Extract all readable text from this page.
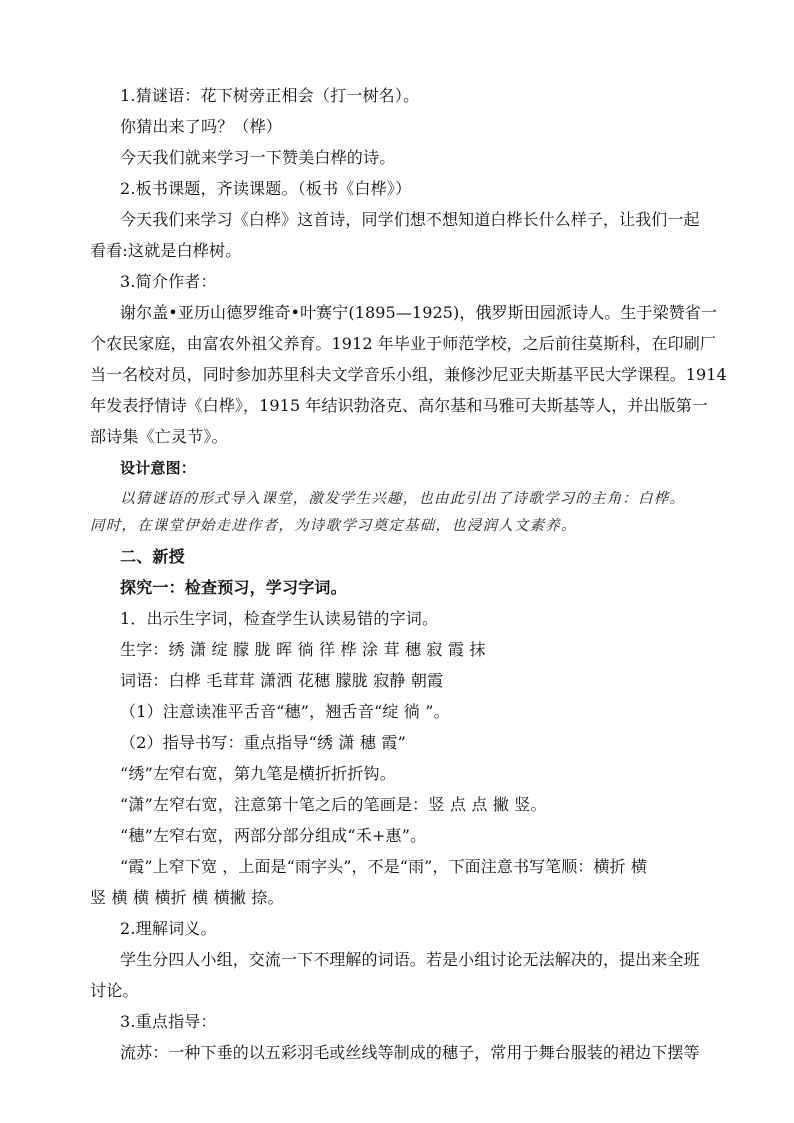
1.猜谜语：花下树旁正相会（打一树名）。
你猜出来了吗？（桦）
今天我们就来学习一下赞美白桦的诗。
2.板书课题，齐读课题。（板书《白桦》）
今天我们来学习《白桦》这首诗，同学们想不想知道白桦长什么样子，让我们一起
看看:这就是白桦树。
3.简介作者：
谢尔盖•亚历山德罗维奇•叶赛宁(1895—1925)，俄罗斯田园派诗人。生于梁赞省一
个农民家庭，由富农外祖父养育。1912 年毕业于师范学校，之后前往莫斯科，在印刷厂
当一名校对员，同时参加苏里科夫文学音乐小组，兼修沙尼亚夫斯基平民大学课程。1914
年发表抒情诗《白桦》，1915 年结识勃洛克、高尔基和马雅可夫斯基等人，并出版第一
部诗集《亡灵节》。
设计意图：
以猜谜语的形式导入课堂，激发学生兴趣，也由此引出了诗歌学习的主角：白桦。
同时，在课堂伊始走进作者，为诗歌学习奠定基础，也浸润人文素养。
二、新授
探究一：检查预习，学习字词。
1．出示生字词，检查学生认读易错的字词。
生字：绣 潇 绽 朦 胧 晖 徜 徉 桦 涂 茸 穗 寂 霞 抹
词语：白桦 毛茸茸 潇洒 花穗 朦胧 寂静 朝霞
（1）注意读准平舌音“穗”，翘舌音“绽 徜 ”。
（2）指导书写：重点指导“绣 潇 穗 霞”
“绣”左窄右宽，第九笔是横折折折钩。
“潇”左窄右宽，注意第十笔之后的笔画是：竖 点 点 撇 竖。
“穗”左窄右宽，两部分部分组成“禾+惠”。
“霞”上窄下宽 ，上面是“雨字头”，不是“雨”，下面注意书写笔顺：横折 横
竖 横 横 横折 横 横撇 捺。
2.理解词义。
学生分四人小组，交流一下不理解的词语。若是小组讨论无法解决的，提出来全班
讨论。
3.重点指导：
流苏：一种下垂的以五彩羽毛或丝线等制成的穗子，常用于舞台服装的裙边下摆等
